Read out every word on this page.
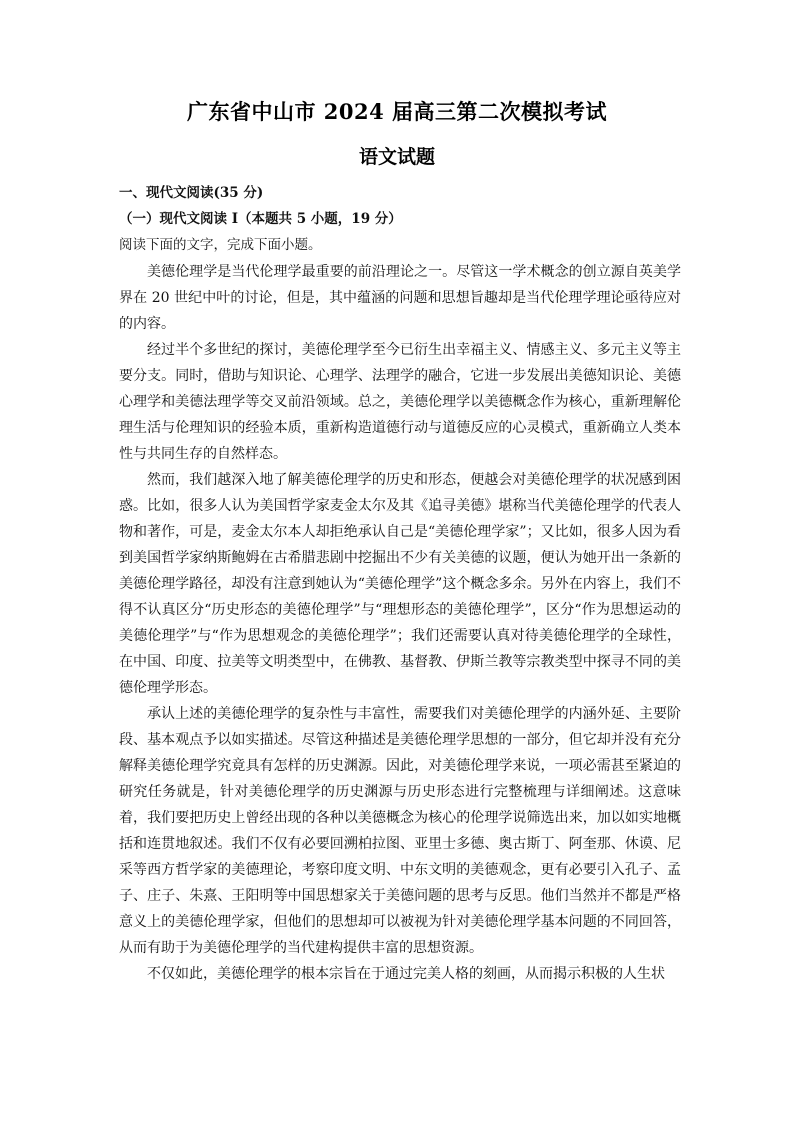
广东省中山市 2024 届高三第二次模拟考试
语文试题
一、现代文阅读(35 分)
（一）现代文阅读 I（本题共 5 小题，19 分）
阅读下面的文字，完成下面小题。

美德伦理学是当代伦理学最重要的前沿理论之一。尽管这一学术概念的创立源自英美学界在 20 世纪中叶的讨论，但是，其中蕴涵的问题和思想旨趣却是当代伦理学理论亟待应对的内容。

经过半个多世纪的探讨，美德伦理学至今已衍生出幸福主义、情感主义、多元主义等主要分支。同时，借助与知识论、心理学、法理学的融合，它进一步发展出美德知识论、美德心理学和美德法理学等交叉前沿领域。总之，美德伦理学以美德概念作为核心，重新理解伦理生活与伦理知识的经验本质，重新构造道德行动与道德反应的心灵模式，重新确立人类本性与共同生存的自然样态。

然而，我们越深入地了解美德伦理学的历史和形态，便越会对美德伦理学的状况感到困惑。比如，很多人认为美国哲学家麦金太尔及其《追寻美德》堪称当代美德伦理学的代表人物和著作，可是，麦金太尔本人却拒绝承认自己是“美德伦理学家”；又比如，很多人因为看到美国哲学家纳斯鲍姆在古希腊悲剧中挖掘出不少有关美德的议题，便认为她开出一条新的美德伦理学路径，却没有注意到她认为“美德伦理学”这个概念多余。另外在内容上，我们不得不认真区分“历史形态的美德伦理学”与“理想形态的美德伦理学”，区分“作为思想运动的美德伦理学”与“作为思想观念的美德伦理学”；我们还需要认真对待美德伦理学的全球性，在中国、印度、拉美等文明类型中，在佛教、基督教、伊斯兰教等宗教类型中探寻不同的美德伦理学形态。

承认上述的美德伦理学的复杂性与丰富性，需要我们对美德伦理学的内涵外延、主要阶段、基本观点予以如实描述。尽管这种描述是美德伦理学思想的一部分，但它却并没有充分解释美德伦理学究竟具有怎样的历史渊源。因此，对美德伦理学来说，一项必需甚至紧迫的研究任务就是，针对美德伦理学的历史渊源与历史形态进行完整梳理与详细阐述。这意味着，我们要把历史上曾经出现的各种以美德概念为核心的伦理学说筛选出来，加以如实地概括和连贯地叙述。我们不仅有必要回溯柏拉图、亚里士多德、奥古斯丁、阿奎那、休谟、尼采等西方哲学家的美德理论，考察印度文明、中东文明的美德观念，更有必要引入孔子、孟子、庄子、朱熹、王阳明等中国思想家关于美德问题的思考与反思。他们当然并不都是严格意义上的美德伦理学家，但他们的思想却可以被视为针对美德伦理学基本问题的不同回答，从而有助于为美德伦理学的当代建构提供丰富的思想资源。

不仅如此，美德伦理学的根本宗旨在于通过完美人格的刻画，从而揭示积极的人生状
